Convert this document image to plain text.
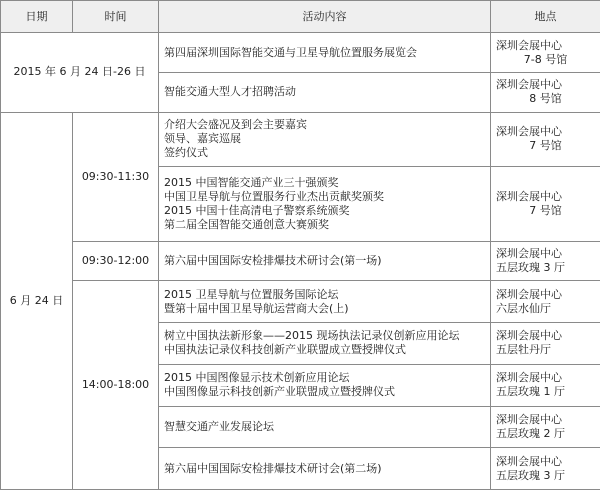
日期	时间	活动内容	地点
2015 年 6 月 24 日-26 日		第四届深圳国际智能交通与卫星导航位置服务展览会	深圳会展中心
7-8 号馆

		智能交通大型人才招聘活动	深圳会展中心
8 号馆

6 月 24 日	09:30-11:30	介绍大会盛况及到会主要嘉宾
领导、嘉宾巡展
签约仪式	深圳会展中心
7 号馆

		2015 中国智能交通产业三十强颁奖
中国卫星导航与位置服务行业杰出贡献奖颁奖
2015 中国十佳高清电子警察系统颁奖
第二届全国智能交通创意大赛颁奖	深圳会展中心
7 号馆

	09:30-12:00	第六届中国国际安检排爆技术研讨会(第一场)	深圳会展中心
五层玫瑰 3 厅

	14:00-18:00	2015 卫星导航与位置服务国际论坛
暨第十届中国卫星导航运营商大会(上)	深圳会展中心
六层水仙厅

		树立中国执法新形象——2015 现场执法记录仪创新应用论坛
中国执法记录仪科技创新产业联盟成立暨授牌仪式	深圳会展中心
五层牡丹厅

		2015 中国图像显示技术创新应用论坛
中国图像显示科技创新产业联盟成立暨授牌仪式	深圳会展中心
五层玫瑰 1 厅

		智慧交通产业发展论坛	深圳会展中心
五层玫瑰 2 厅

		第六届中国国际安检排爆技术研讨会(第二场)	深圳会展中心
五层玫瑰 3 厅
